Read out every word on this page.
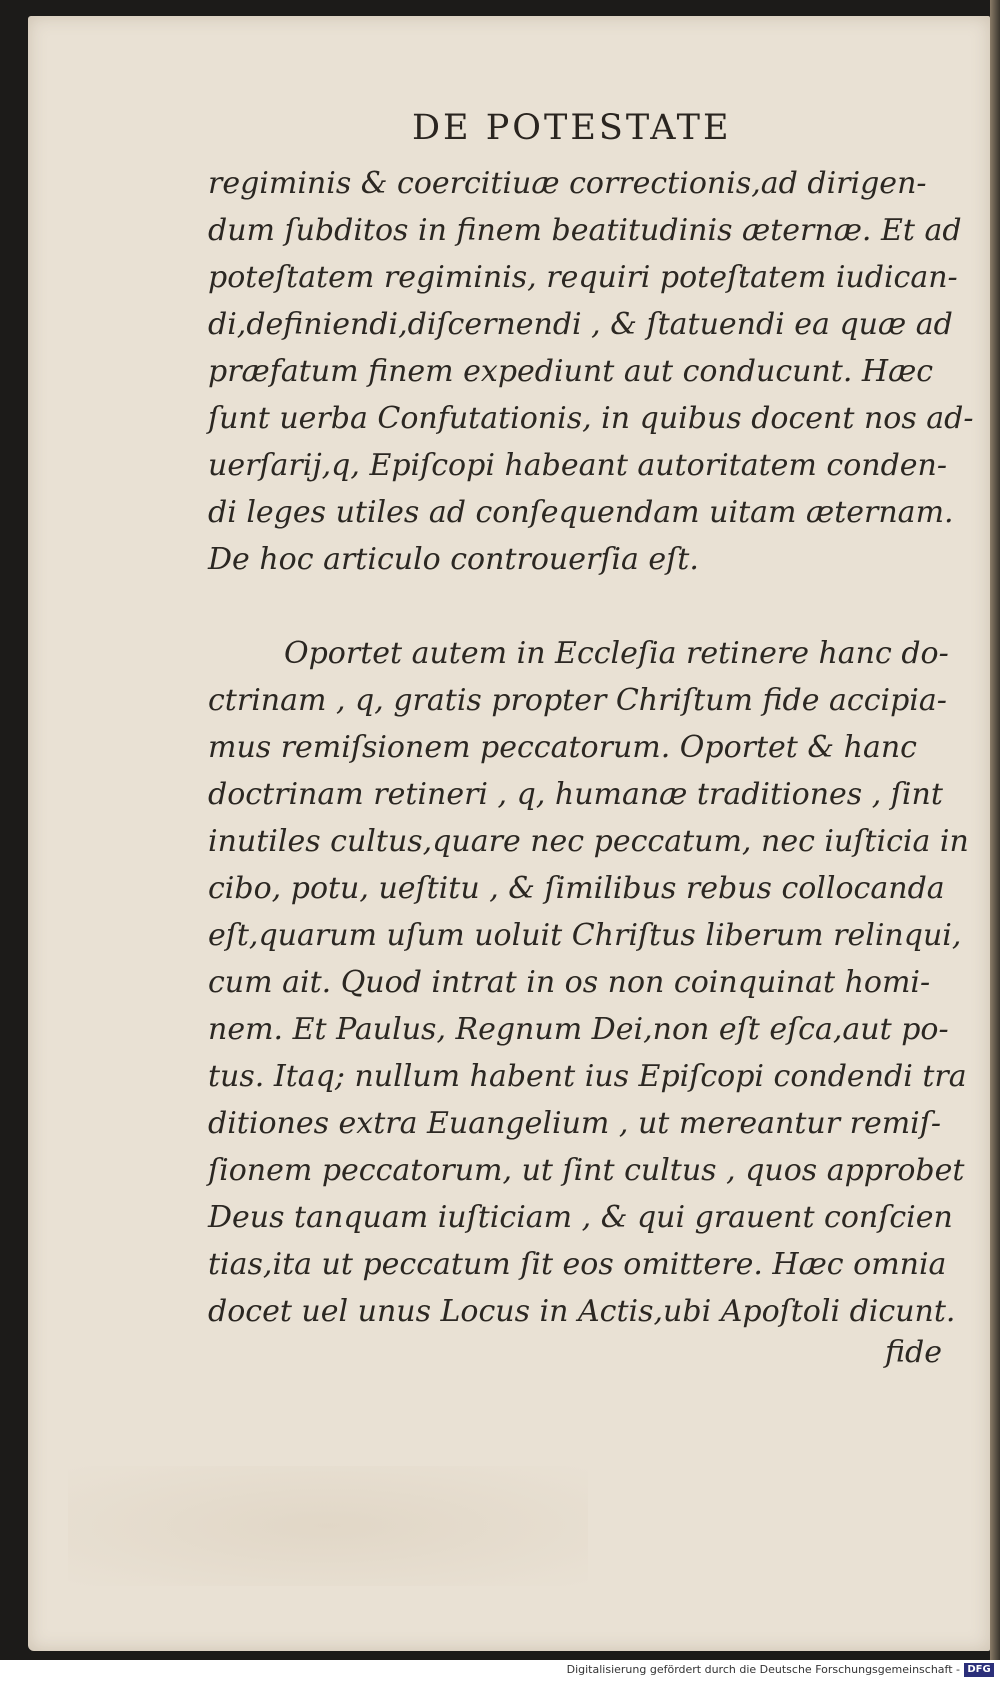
DE POTESTATE

regiminis & coercitiuæ correctionis,ad dirigen-
dum ſubditos in finem beatitudinis æternæ. Et ad
poteſtatem regiminis, requiri poteſtatem iudican-
di,definiendi,diſcernendi , & ſtatuendi ea quæ ad
præfatum finem expediunt aut conducunt. Hæc
ſunt uerba Confutationis, in quibus docent nos ad-
uerſarij,q, Epiſcopi habeant autoritatem conden-
di leges utiles ad conſequendam uitam æternam.
De hoc articulo controuerſia eſt.

Oportet autem in Eccleſia retinere hanc do-
ctrinam , q, gratis propter Chriſtum fide accipia-
mus remiſsionem peccatorum. Oportet & hanc
doctrinam retineri , q, humanæ traditiones , ſint
inutiles cultus,quare nec peccatum, nec iuſticia in
cibo, potu, ueſtitu , & ſimilibus rebus collocanda
eſt,quarum uſum uoluit Chriſtus liberum relinqui,
cum ait. Quod intrat in os non coinquinat homi-
nem. Et Paulus, Regnum Dei,non eſt eſca,aut po-
tus. Itaq; nullum habent ius Epiſcopi condendi tra
ditiones extra Euangelium , ut mereantur remiſ-
ſionem peccatorum, ut ſint cultus , quos approbet
Deus tanquam iuſticiam , & qui grauent conſcien
tias,ita ut peccatum ſit eos omittere. Hæc omnia
docet uel unus Locus in Actis,ubi Apoſtoli dicunt.

fide
Digitalisierung gefördert durch die Deutsche Forschungsgemeinschaft - DFG
